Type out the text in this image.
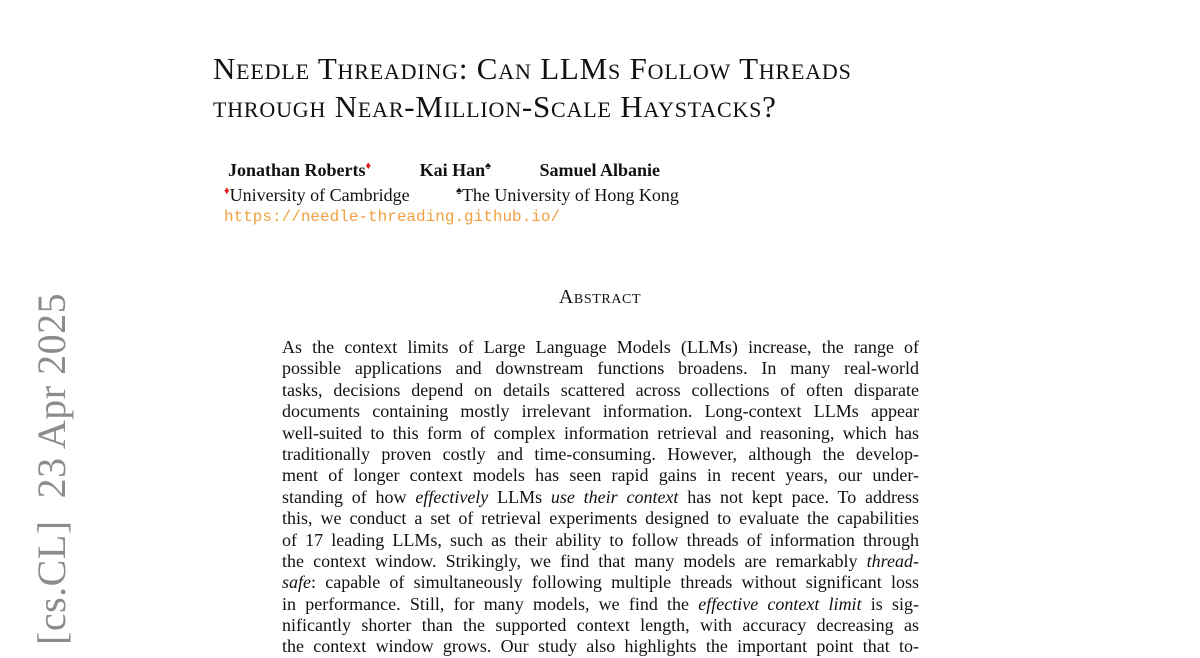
[cs.CL]23 Apr 2025
Needle Threading: Can LLMs Follow Threads
through Near-Million-Scale Haystacks?
Jonathan Roberts♦	Kai Han♠	Samuel Albanie
♦University of Cambridge	♠The University of Hong Kong
https://needle-threading.github.io/
Abstract
As the context limits of Large Language Models (LLMs) increase, the range of
possible applications and downstream functions broadens. In many real-world
tasks, decisions depend on details scattered across collections of often disparate
documents containing mostly irrelevant information. Long-context LLMs appear
well-suited to this form of complex information retrieval and reasoning, which has
traditionally proven costly and time-consuming. However, although the develop-
ment of longer context models has seen rapid gains in recent years, our under-
standing of how effectively LLMs use their context has not kept pace. To address
this, we conduct a set of retrieval experiments designed to evaluate the capabilities
of 17 leading LLMs, such as their ability to follow threads of information through
the context window. Strikingly, we find that many models are remarkably thread-
safe: capable of simultaneously following multiple threads without significant loss
in performance. Still, for many models, we find the effective context limit is sig-
nificantly shorter than the supported context length, with accuracy decreasing as
the context window grows. Our study also highlights the important point that to-
